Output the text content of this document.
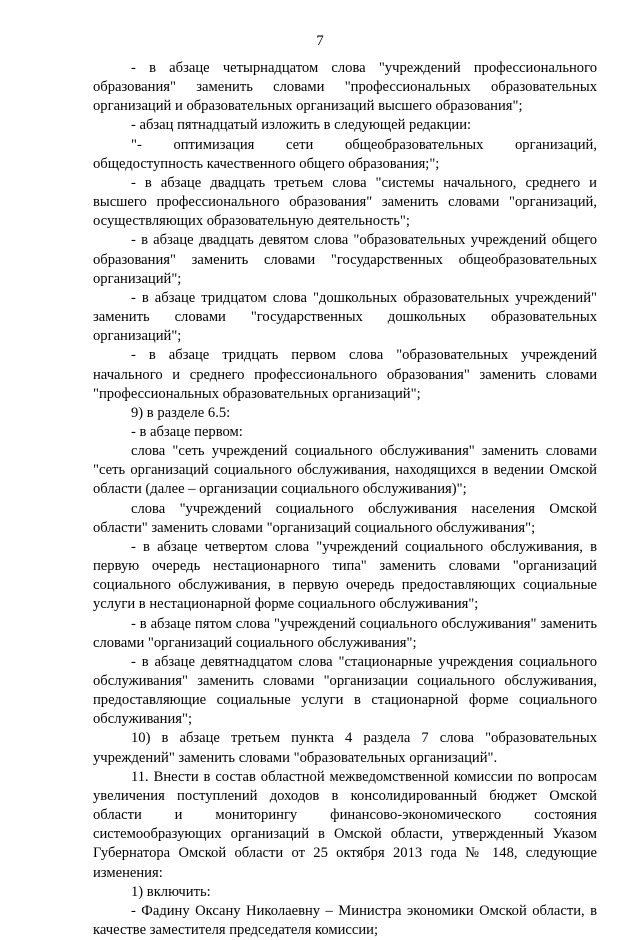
7

- в абзаце четырнадцатом слова "учреждений профессионального образования" заменить словами "профессиональных образовательных организаций и образовательных организаций высшего образования";

- абзац пятнадцатый изложить в следующей редакции:

"- оптимизация сети общеобразовательных организаций, общедоступность качественного общего образования;";

- в абзаце двадцать третьем слова "системы начального, среднего и высшего профессионального образования" заменить словами "организаций, осуществляющих образовательную деятельность";

- в абзаце двадцать девятом слова "образовательных учреждений общего образования" заменить словами "государственных общеобразовательных организаций";

- в абзаце тридцатом слова "дошкольных образовательных учреждений" заменить словами "государственных дошкольных образовательных организаций";

- в абзаце тридцать первом слова "образовательных учреждений начального и среднего профессионального образования" заменить словами "профессиональных образовательных организаций";

9) в разделе 6.5:

- в абзаце первом:

слова "сеть учреждений социального обслуживания" заменить словами "сеть организаций социального обслуживания, находящихся в ведении Омской области (далее – организации социального обслуживания)";

слова "учреждений социального обслуживания населения Омской области" заменить словами "организаций социального обслуживания";

- в абзаце четвертом слова "учреждений социального обслуживания, в первую очередь нестационарного типа" заменить словами "организаций социального обслуживания, в первую очередь предоставляющих социальные услуги в нестационарной форме социального обслуживания";

- в абзаце пятом слова "учреждений социального обслуживания" заменить словами "организаций социального обслуживания";

- в абзаце девятнадцатом слова "стационарные учреждения социального обслуживания" заменить словами "организации социального обслуживания, предоставляющие социальные услуги в стационарной форме социального обслуживания";

10) в абзаце третьем пункта 4 раздела 7 слова "образовательных учреждений" заменить словами "образовательных организаций".

11. Внести в состав областной межведомственной комиссии по вопросам увеличения поступлений доходов в консолидированный бюджет Омской области и мониторингу финансово-экономического состояния системообразующих организаций в Омской области, утвержденный Указом Губернатора Омской области от 25 октября 2013 года № 148, следующие изменения:

1) включить:

- Фадину Оксану Николаевну – Министра экономики Омской области, в качестве заместителя председателя комиссии;
